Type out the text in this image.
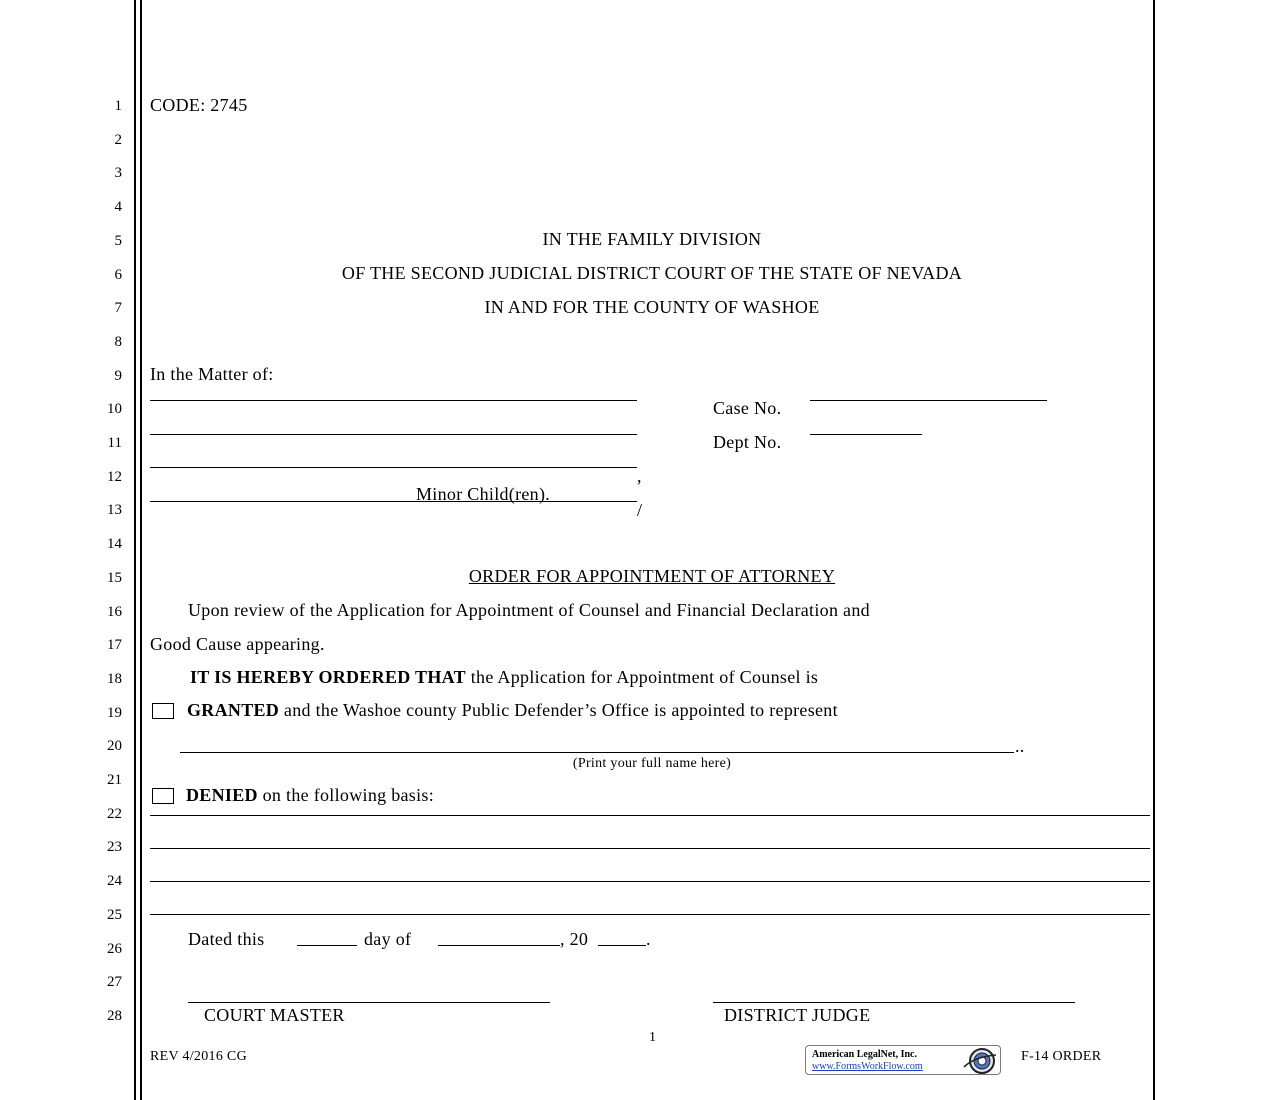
1
2
3
4
5
6
7
8
9
10
11
12
13
14
15
16
17
18
19
20
21
22
23
24
25
26
27
28
CODE: 2745
IN THE FAMILY DIVISION
OF THE SECOND JUDICIAL DISTRICT COURT OF THE STATE OF NEVADA
IN AND FOR THE COUNTY OF WASHOE
In the Matter of:
Case No.
Dept No.
,
Minor Child(ren).
/
ORDER FOR APPOINTMENT OF ATTORNEY
Upon review of the Application for Appointment of Counsel and Financial Declaration and
Good Cause appearing.
IT IS HEREBY ORDERED THAT the Application for Appointment of Counsel is
GRANTED and the Washoe county Public Defender’s Office is appointed to represent
..
(Print your full name here)
DENIED on the following basis:
Dated this	day of	, 20	.
COURT MASTER	DISTRICT JUDGE
1
REV 4/2016 CG	American LegalNet, Inc.
www.FormsWorkFlow.com
F-14 ORDER
